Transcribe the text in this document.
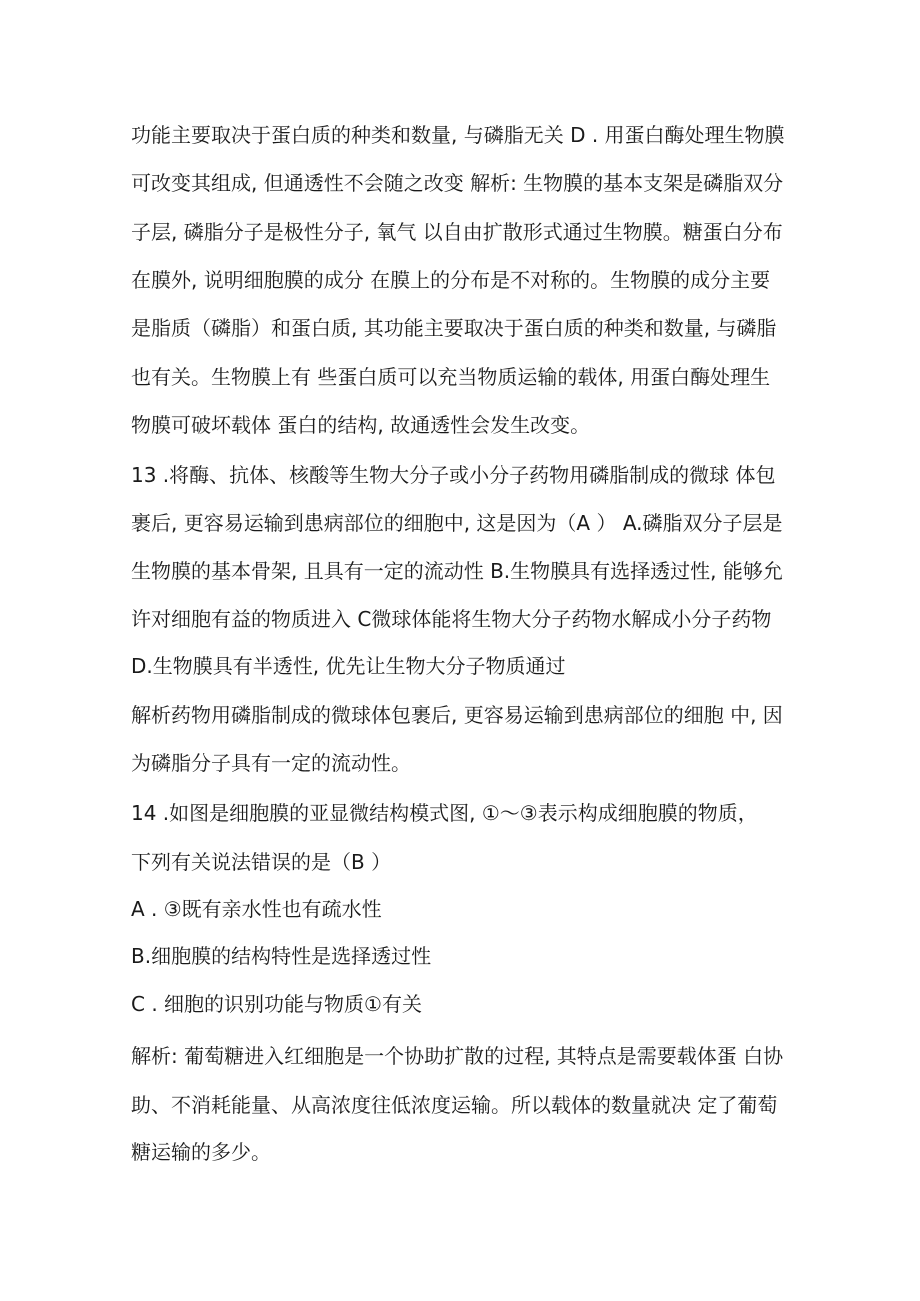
功能主要取决于蛋白质的种类和数量, 与磷脂无关 D . 用蛋白酶处理生物膜
可改变其组成, 但通透性不会随之改变 解析: 生物膜的基本支架是磷脂双分
子层, 磷脂分子是极性分子, 氧气 以自由扩散形式通过生物膜。糖蛋白分布
在膜外, 说明细胞膜的成分 在膜上的分布是不对称的。生物膜的成分主要
是脂质（磷脂）和蛋白质, 其功能主要取决于蛋白质的种类和数量, 与磷脂
也有关。生物膜上有 些蛋白质可以充当物质运输的载体, 用蛋白酶处理生
物膜可破坏载体 蛋白的结构, 故通透性会发生改变。
13 .将酶、抗体、核酸等生物大分子或小分子药物用磷脂制成的微球 体包
裹后, 更容易运输到患病部位的细胞中, 这是因为（A ） A.磷脂双分子层是
生物膜的基本骨架, 且具有一定的流动性 B.生物膜具有选择透过性, 能够允
许对细胞有益的物质进入 C微球体能将生物大分子药物水解成小分子药物
D.生物膜具有半透性, 优先让生物大分子物质通过
解析药物用磷脂制成的微球体包裹后, 更容易运输到患病部位的细胞 中, 因
为磷脂分子具有一定的流动性。
14 .如图是细胞膜的亚显微结构模式图, ①～③表示构成细胞膜的物质，
下列有关说法错误的是（B ）
A . ③既有亲水性也有疏水性
B.细胞膜的结构特性是选择透过性
C . 细胞的识别功能与物质①有关
解析: 葡萄糖进入红细胞是一个协助扩散的过程, 其特点是需要载体蛋 白协
助、不消耗能量、从高浓度往低浓度运输。所以载体的数量就决 定了葡萄
糖运输的多少。
